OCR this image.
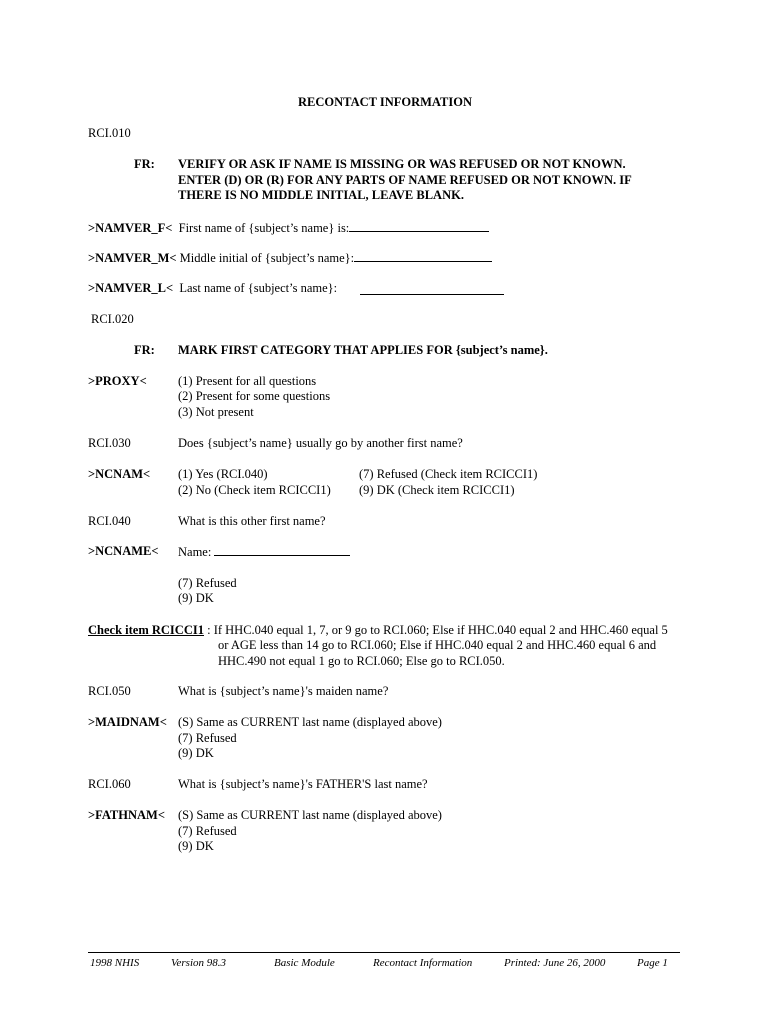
RECONTACT INFORMATION
RCI.010
FR: VERIFY OR ASK IF NAME IS MISSING OR WAS REFUSED OR NOT KNOWN.
ENTER (D) OR (R) FOR ANY PARTS OF NAME REFUSED OR NOT KNOWN. IF
THERE IS NO MIDDLE INITIAL, LEAVE BLANK.
>NAMVER_F< First name of {subject’s name} is:
>NAMVER_M< Middle initial of {subject’s name}:
>NAMVER_L< Last name of {subject’s name}:
RCI.020
FR: MARK FIRST CATEGORY THAT APPLIES FOR {subject’s name}.
>PROXY<	(1) Present for all questions
(2) Present for some questions
(3) Not present
RCI.030	Does {subject’s name} usually go by another first name?
>NCNAM< (1) Yes (RCI.040)
(2) No (Check item RCICCI1)
(7) Refused (Check item RCICCI1)
(9) DK (Check item RCICCI1)
RCI.040	What is this other first name?
>NCNAME< Name:
(7) Refused
(9) DK
Check item RCICCI1 : If HHC.040 equal 1, 7, or 9 go to RCI.060; Else if HHC.040 equal 2 and HHC.460 equal 5
or AGE less than 14 go to RCI.060; Else if HHC.040 equal 2 and HHC.460 equal 6 and
HHC.490 not equal 1 go to RCI.060; Else go to RCI.050.
RCI.050	What is {subject’s name}'s maiden name?
>MAIDNAM< (S) Same as CURRENT last name (displayed above)
(7) Refused
(9) DK
RCI.060	What is {subject’s name}'s FATHER'S last name?
>FATHNAM< (S) Same as CURRENT last name (displayed above)
(7) Refused
(9) DK
1998 NHIS	Version 98.3	Basic Module	Recontact Information	Printed: June 26, 2000	Page 1
